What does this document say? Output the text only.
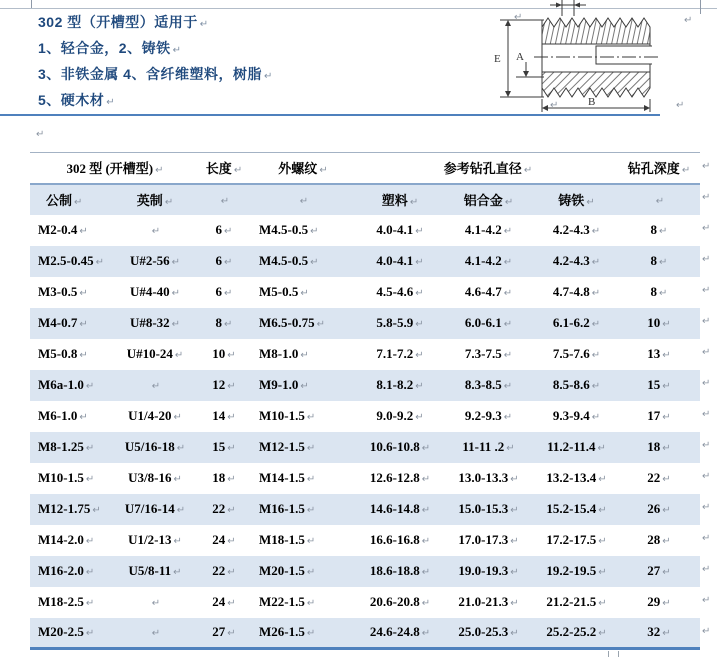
302 型（开槽型）适用于 ↵
1、轻合金，2、铸铁 ↵
3、非铁金属 4、含纤维塑料，树脂 ↵
5、硬木材 ↵
E A
B
↵	↵
↵	↵
↵
302 型 (开槽型) ↵		长度 ↵	外螺纹 ↵	参考钻孔直径 ↵			钻孔深度 ↵
公制 ↵	英制 ↵	↵	↵	塑料 ↵	铝合金 ↵	铸铁 ↵	↵
M2-0.4 ↵	↵	6 ↵	M4.5-0.5 ↵	4.0-4.1 ↵	4.1-4.2 ↵	4.2-4.3 ↵	8 ↵
M2.5-0.45 ↵	U#2-56 ↵	6 ↵	M4.5-0.5 ↵	4.0-4.1 ↵	4.1-4.2 ↵	4.2-4.3 ↵	8 ↵
M3-0.5 ↵	U#4-40 ↵	6 ↵	M5-0.5 ↵	4.5-4.6 ↵	4.6-4.7 ↵	4.7-4.8 ↵	8 ↵
M4-0.7 ↵	U#8-32 ↵	8 ↵	M6.5-0.75 ↵	5.8-5.9 ↵	6.0-6.1 ↵	6.1-6.2 ↵	10 ↵
M5-0.8 ↵	U#10-24 ↵	10 ↵	M8-1.0 ↵	7.1-7.2 ↵	7.3-7.5 ↵	7.5-7.6 ↵	13 ↵
M6a-1.0 ↵	↵	12 ↵	M9-1.0 ↵	8.1-8.2 ↵	8.3-8.5 ↵	8.5-8.6 ↵	15 ↵
M6-1.0 ↵	U1/4-20 ↵	14 ↵	M10-1.5 ↵	9.0-9.2 ↵	9.2-9.3 ↵	9.3-9.4 ↵	17 ↵
M8-1.25 ↵	U5/16-18 ↵	15 ↵	M12-1.5 ↵	10.6-10.8 ↵	11-11 .2 ↵	11.2-11.4 ↵	18 ↵
M10-1.5 ↵	U3/8-16 ↵	18 ↵	M14-1.5 ↵	12.6-12.8 ↵	13.0-13.3 ↵	13.2-13.4 ↵	22 ↵
M12-1.75 ↵	U7/16-14 ↵	22 ↵	M16-1.5 ↵	14.6-14.8 ↵	15.0-15.3 ↵	15.2-15.4 ↵	26 ↵
M14-2.0 ↵	U1/2-13 ↵	24 ↵	M18-1.5 ↵	16.6-16.8 ↵	17.0-17.3 ↵	17.2-17.5 ↵	28 ↵
M16-2.0 ↵	U5/8-11 ↵	22 ↵	M20-1.5 ↵	18.6-18.8 ↵	19.0-19.3 ↵	19.2-19.5 ↵	27 ↵
M18-2.5 ↵	↵	24 ↵	M22-1.5 ↵	20.6-20.8 ↵	21.0-21.3 ↵	21.2-21.5 ↵	29 ↵
M20-2.5 ↵	↵	27 ↵	M26-1.5 ↵	24.6-24.8 ↵	25.0-25.3 ↵	25.2-25.2 ↵	32 ↵
↵
↵
↵
↵
↵
↵
↵
↵
↵
↵
↵
↵
↵
↵
↵
↵
